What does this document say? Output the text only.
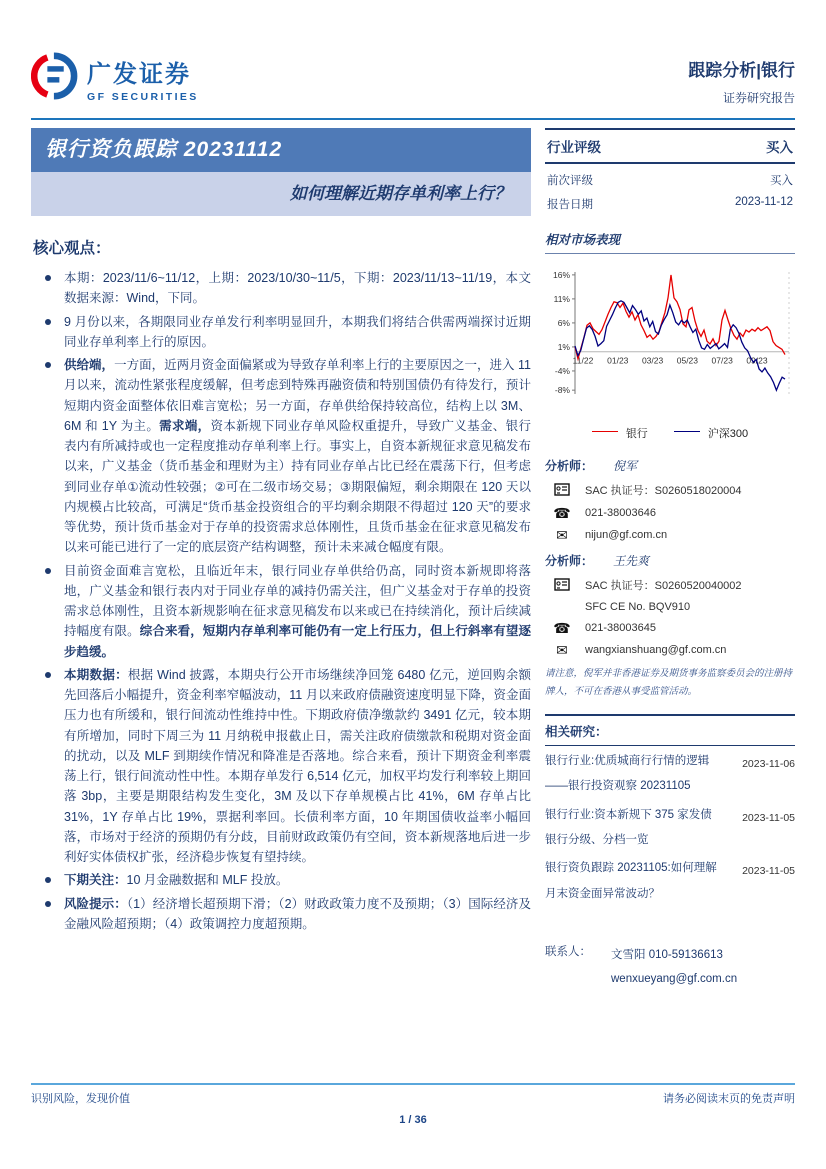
广发证券
GF SECURITIES
跟踪分析|银行
证券研究报告
银行资负跟踪 20231112
如何理解近期存单利率上行？
行业评级	买入
前次评级	买入
报告日期	2023-11-12
核心观点：
本期：2023/11/6~11/12，上期：2023/10/30~11/5，下期：2023/11/13~11/19，本文数据来源：Wind，下同。
9 月份以来，各期限同业存单发行利率明显回升，本期我们将结合供需两端探讨近期同业存单利率上行的原因。
供给端，一方面，近两月资金面偏紧或为导致存单利率上行的主要原因之一，进入 11 月以来，流动性紧张程度缓解，但考虑到特殊再融资债和特别国债仍有待发行，预计短期内资金面整体依旧难言宽松；另一方面，存单供给保持较高位，结构上以 3M、6M 和 1Y 为主。需求端，资本新规下同业存单风险权重提升，导致广义基金、银行表内有所减持或也一定程度推动存单利率上行。事实上，自资本新规征求意见稿发布以来，广义基金（货币基金和理财为主）持有同业存单占比已经在震荡下行，但考虑到同业存单①流动性较强；②可在二级市场交易；③期限偏短，剩余期限在 120 天以内规模占比较高，可满足“货币基金投资组合的平均剩余期限不得超过 120 天”的要求等优势，预计货币基金对于存单的投资需求总体刚性，且货币基金在征求意见稿发布以来可能已进行了一定的底层资产结构调整，预计未来减仓幅度有限。
目前资金面难言宽松，且临近年末，银行同业存单供给仍高，同时资本新规即将落地，广义基金和银行表内对于同业存单的减持仍需关注，但广义基金对于存单的投资需求总体刚性，且资本新规影响在征求意见稿发布以来或已在持续消化，预计后续减持幅度有限。综合来看，短期内存单利率可能仍有一定上行压力，但上行斜率有望逐步趋缓。
本期数据：根据 Wind 披露，本期央行公开市场继续净回笼 6480 亿元，逆回购余额先回落后小幅提升，资金利率窄幅波动，11 月以来政府债融资速度明显下降，资金面压力也有所缓和，银行间流动性维持中性。下期政府债净缴款约 3491 亿元，较本期有所增加，同时下周三为 11 月纳税申报截止日，需关注政府债缴款和税期对资金面的扰动，以及 MLF 到期续作情况和降准是否落地。综合来看，预计下期资金利率震荡上行，银行间流动性中性。本期存单发行 6,514 亿元，加权平均发行利率较上期回落 3bp，主要是期限结构发生变化，3M 及以下存单规模占比 41%，6M 存单占比 31%，1Y 存单占比 19%，票据利率回。长债利率方面，10 年期国债收益率小幅回落，市场对于经济的预期仍有分歧，目前财政政策仍有空间，资本新规落地后进一步利好实体债权扩张，经济稳步恢复有望持续。
下期关注：10 月金融数据和 MLF 投放。
风险提示：（1）经济增长超预期下滑；（2）财政政策力度不及预期；（3）国际经济及金融风险超预期；（4）政策调控力度超预期。
相对市场表现
16%
11%
6%
1%
-4%
-8%
11/22 01/23 03/23 05/23 07/23 09/23
银行	沪深300
分析师：	倪军
SAC 执证号：S0260518020004
☎	021-38003646
✉	nijun@gf.com.cn
分析师：	王先爽
SAC 执证号：S0260520040002
SFC CE No. BQV910
☎	021-38003645
✉	wangxianshuang@gf.com.cn
请注意，倪军并非香港证券及期货事务监察委员会的注册持牌人，不可在香港从事受监管活动。
相关研究：
银行行业:优质城商行行情的逻辑——银行投资观察 20231105
2023-11-06
银行行业:资本新规下 375 家发债银行分级、分档一览
2023-11-05
银行资负跟踪 20231105:如何理解月末资金面异常波动？
2023-11-05
联系人：	文雪阳 010-59136613
wenxueyang@gf.com.cn
识别风险，发现价值	请务必阅读末页的免责声明
1 / 36
